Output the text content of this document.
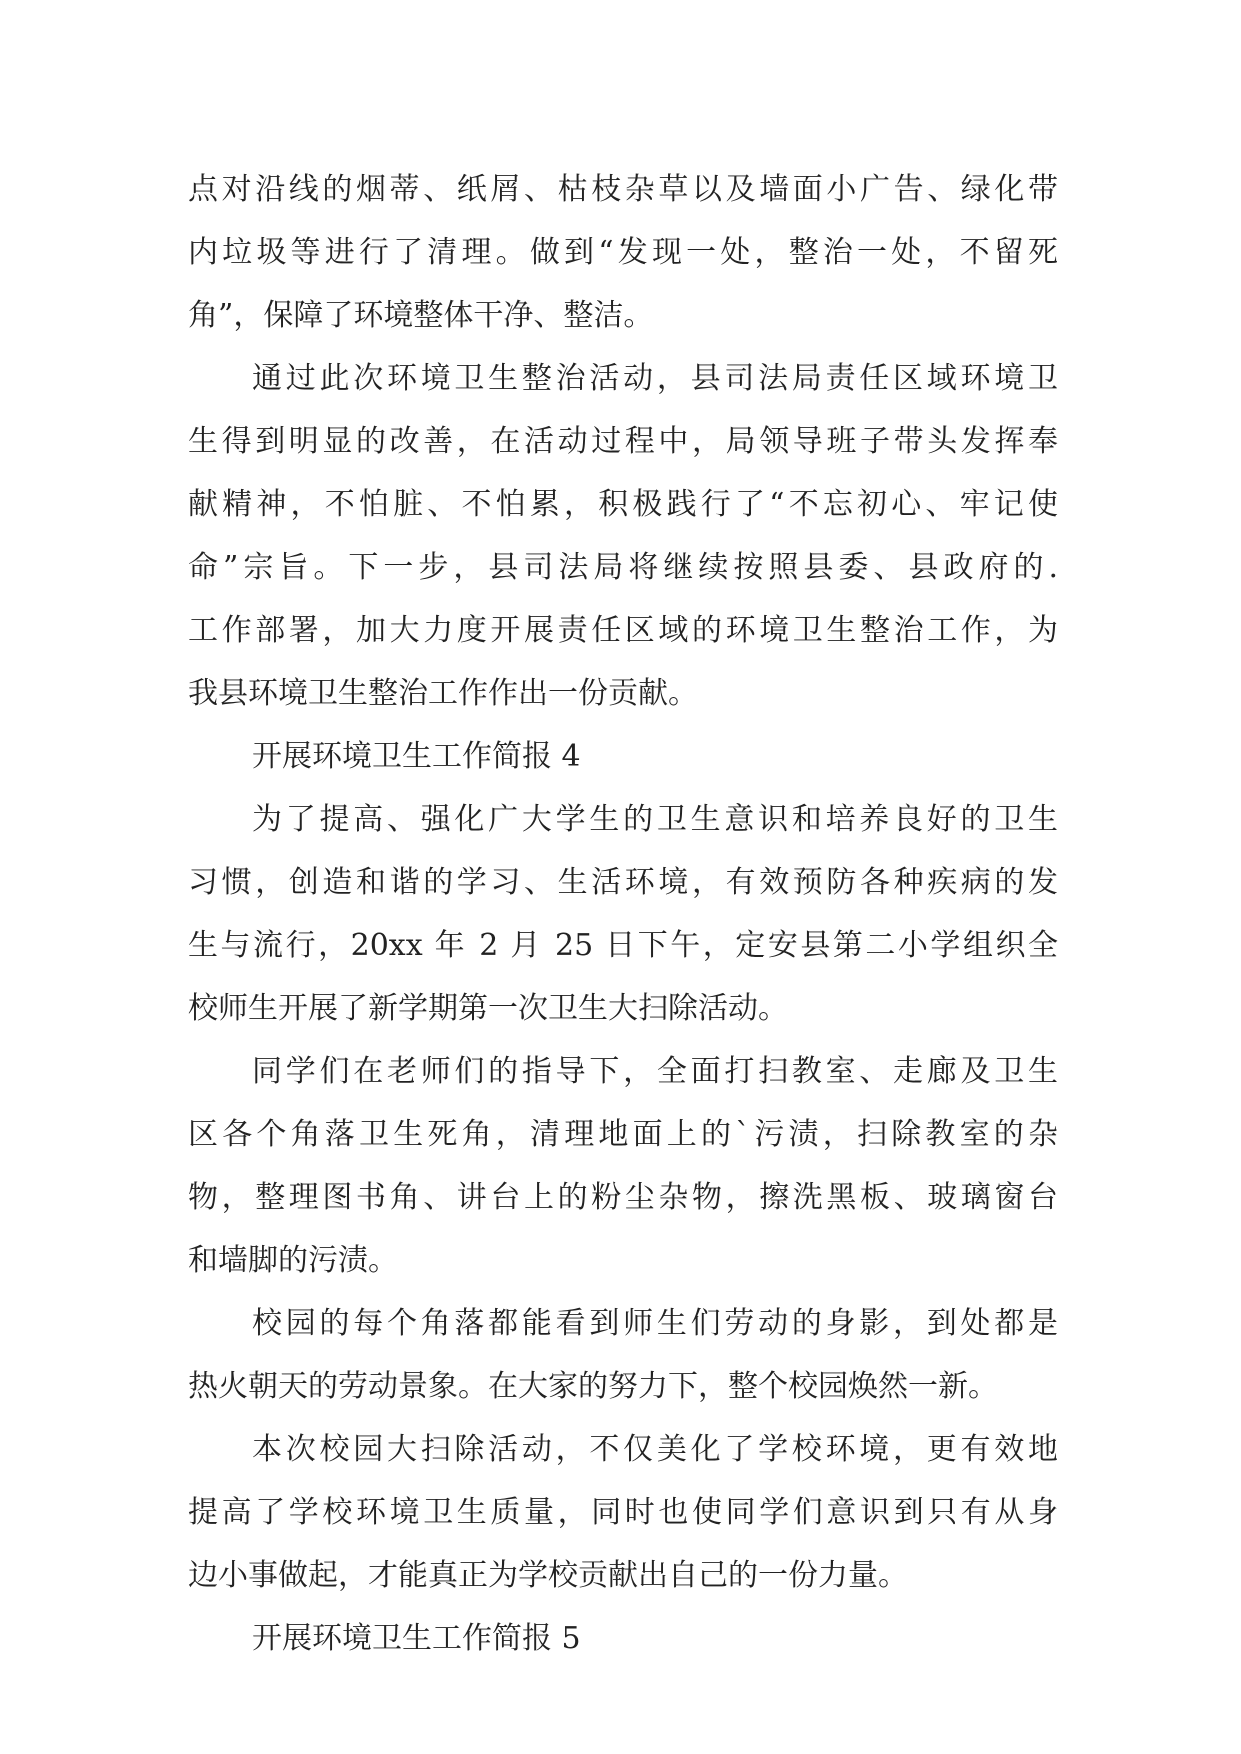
点对沿线的烟蒂、纸屑、枯枝杂草以及墙面小广告、绿化带
内垃圾等进行了清理。做到“发现一处，整治一处，不留死
角”，保障了环境整体干净、整洁。
通过此次环境卫生整治活动，县司法局责任区域环境卫
生得到明显的改善，在活动过程中，局领导班子带头发挥奉
献精神，不怕脏、不怕累，积极践行了“不忘初心、牢记使
命”宗旨。下一步，县司法局将继续按照县委、县政府的.
工作部署，加大力度开展责任区域的环境卫生整治工作，为
我县环境卫生整治工作作出一份贡献。
开展环境卫生工作简报 4
为了提高、强化广大学生的卫生意识和培养良好的卫生
习惯，创造和谐的学习、生活环境，有效预防各种疾病的发
生与流行，20xx 年 2 月 25 日下午，定安县第二小学组织全
校师生开展了新学期第一次卫生大扫除活动。
同学们在老师们的指导下，全面打扫教室、走廊及卫生
区各个角落卫生死角，清理地面上的`污渍，扫除教室的杂
物，整理图书角、讲台上的粉尘杂物，擦洗黑板、玻璃窗台
和墙脚的污渍。
校园的每个角落都能看到师生们劳动的身影，到处都是
热火朝天的劳动景象。在大家的努力下，整个校园焕然一新。
本次校园大扫除活动，不仅美化了学校环境，更有效地
提高了学校环境卫生质量，同时也使同学们意识到只有从身
边小事做起，才能真正为学校贡献出自己的一份力量。
开展环境卫生工作简报 5
